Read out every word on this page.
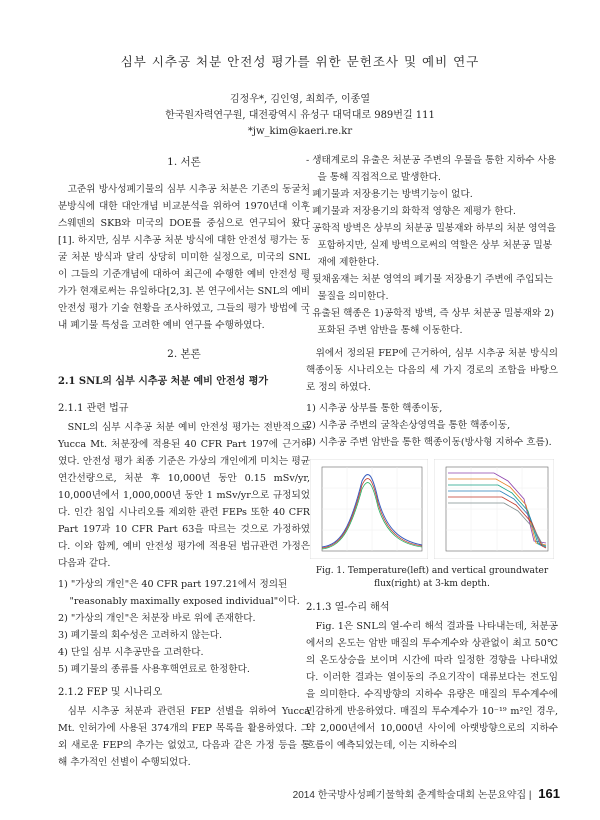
심부 시추공 처분 안전성 평가를 위한 문헌조사 및 예비 연구
김정우*, 김인영, 최희주, 이종열
한국원자력연구원, 대전광역시 유성구 대덕대로 989번길 111
*jw_kim@kaeri.re.kr
1. 서론

고준위 방사성폐기물의 심부 시추공 처분은 기존의 동굴처분방식에 대한 대안개념 비교분석을 위하여 1970년대 이후 스웨덴의 SKB와 미국의 DOE를 중심으로 연구되어 왔다[1]. 하지만, 심부 시추공 처분 방식에 대한 안전성 평가는 동굴 처분 방식과 달리 상당히 미미한 실정으로, 미국의 SNL이 그들의 기준개념에 대하여 최근에 수행한 예비 안전성 평가가 현재로써는 유일하다[2,3]. 본 연구에서는 SNL의 예비 안전성 평가 기술 현황을 조사하였고, 그들의 평가 방법에 국내 폐기물 특성을 고려한 예비 연구를 수행하였다.

2. 본론
2.1 SNL의 심부 시추공 처분 예비 안전성 평가
2.1.1 관련 법규

SNL의 심부 시추공 처분 예비 안전성 평가는 전반적으로 Yucca Mt. 처분장에 적용된 40 CFR Part 197에 근거하였다. 안전성 평가 최종 기준은 가상의 개인에게 미치는 평균연간선량으로, 처분 후 10,000년 동안 0.15 mSv/yr, 10,000년에서 1,000,000년 동안 1 mSv/yr으로 규정되었다. 인간 침입 시나리오를 제외한 관련 FEPs 또한 40 CFR Part 197과 10 CFR Part 63을 따르는 것으로 가정하였다. 이와 함께, 예비 안전성 평가에 적용된 법규관련 가정은 다음과 같다.

1) "가상의 개인"은 40 CFR part 197.21에서 정의된 "reasonably maximally exposed individual"이다.
2) "가상의 개인"은 처분장 바로 위에 존재한다.
3) 폐기물의 회수성은 고려하지 않는다.
4) 단일 심부 시추공만을 고려한다.
5) 폐기물의 종류를 사용후핵연료로 한정한다.
2.1.2 FEP 및 시나리오

심부 시추공 처분과 관련된 FEP 선별을 위하여 Yucca Mt. 인허가에 사용된 374개의 FEP 목록을 활용하였다. 그외 새로운 FEP의 추가는 없었고, 다음과 같은 가정 등을 통해 추가적인 선별이 수행되었다.

- 생태계로의 유출은 처분공 주변의 우물을 통한 지하수 사용을 통해 직접적으로 발생한다.
- 폐기물과 저장용기는 방벽기능이 없다.
- 폐기물과 저장용기의 화학적 영향은 제평가 한다.
- 공학적 방벽은 상부의 처분공 밀봉재와 하부의 처분 영역을 포함하지만, 실제 방벽으로써의 역할은 상부 처분공 밀봉재에 제한한다.
- 뒷채움재는 처분 영역의 폐기물 저장용기 주변에 주입되는 물질을 의미한다.
- 유출된 핵종은 1)공학적 방벽, 즉 상부 처분공 밀봉재와 2)포화된 주변 암반을 통해 이동한다.

위에서 정의된 FEP에 근거하여, 심부 시추공 처분 방식의 핵종이동 시나리오는 다음의 세 가지 경로의 조합을 바탕으로 정의 하였다.

1) 시추공 상부를 통한 핵종이동,
2) 시추공 주변의 굴착손상영역을 통한 핵종이동,
3) 시추공 주변 암반을 통한 핵종이동(방사형 지하수 흐름).
Fig. 1. Temperature(left) and vertical groundwater flux(right) at 3-km depth.
2.1.3 열-수리 해석

Fig. 1은 SNL의 열-수리 해석 결과를 나타내는데, 처분공에서의 온도는 암반 매질의 투수계수와 상관없이 최고 50℃의 온도상승을 보이며 시간에 따라 일정한 경향을 나타내었다. 이러한 결과는 열이동의 주요기작이 대류보다는 전도임을 의미한다. 수직방향의 지하수 유량은 매질의 투수계수에 민감하게 반응하였다. 매질의 투수계수가 10⁻¹⁹ m²인 경우, 약 2,000년에서 10,000년 사이에 아랫방향으로의 지하수 흐름이 예측되었는데, 이는 지하수의

2014 한국방사성폐기물학회 춘계학술대회 논문요약집 | 161
